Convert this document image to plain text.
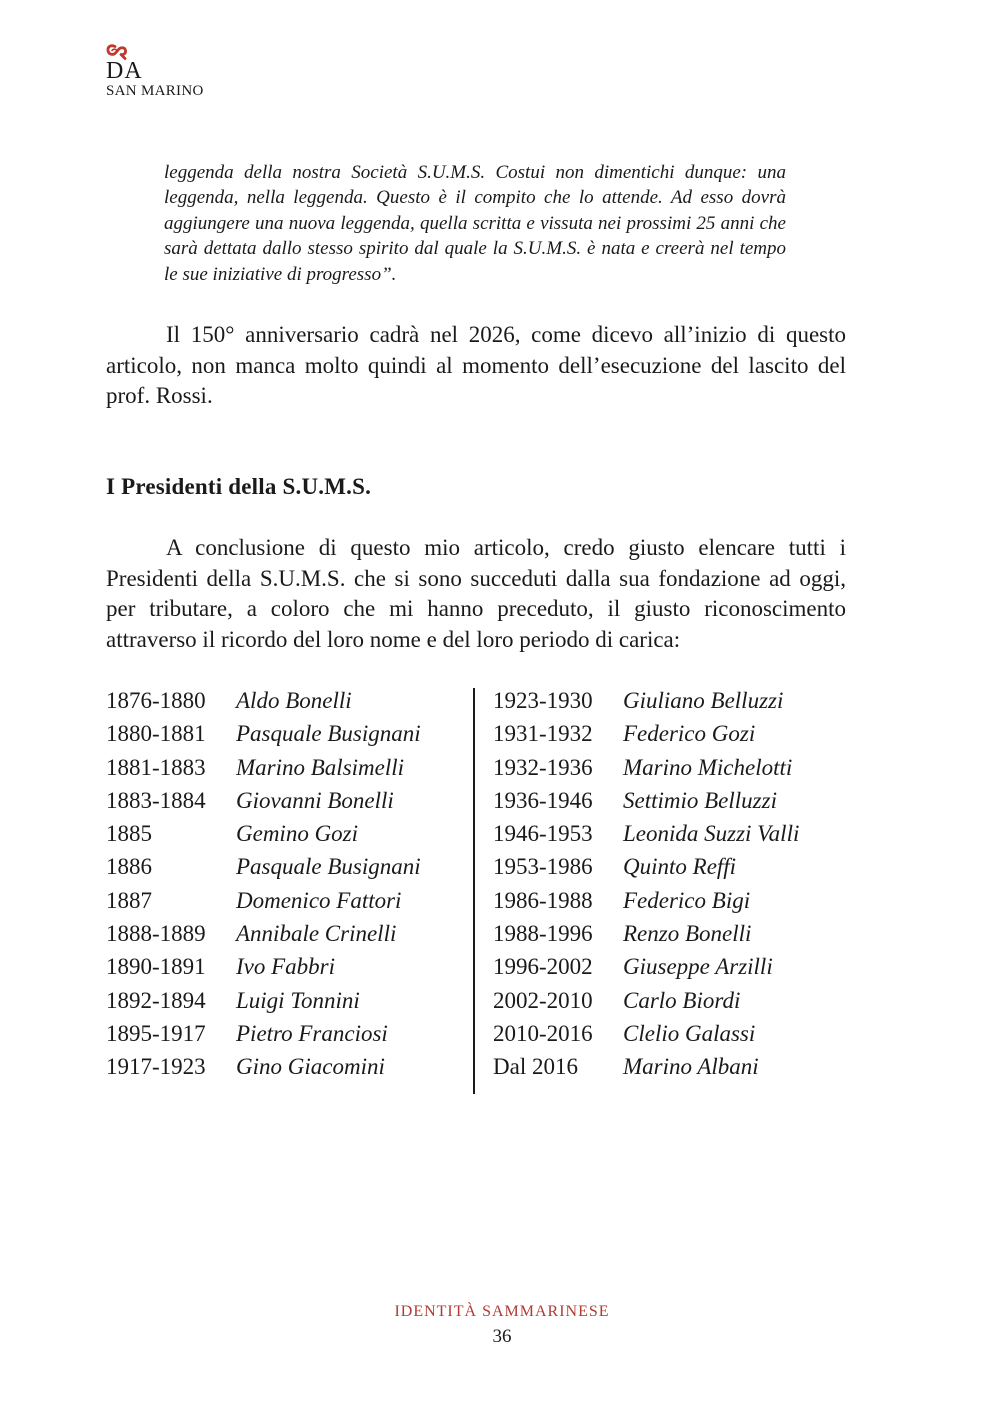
DA
SAN MARINO
leggenda della nostra Società S.U.M.S. Costui non dimentichi dunque: una leggenda, nella leggenda. Questo è il compito che lo attende. Ad esso dovrà aggiungere una nuova leggenda, quella scritta e vissuta nei prossimi 25 anni che sarà dettata dallo stesso spirito dal quale la S.U.M.S. è nata e creerà nel tempo le sue iniziative di progresso”.

Il 150° anniversario cadrà nel 2026, come dicevo all’inizio di questo articolo, non manca molto quindi al momento dell’esecuzione del lascito del prof. Rossi.

I Presidenti della S.U.M.S.

A conclusione di questo mio articolo, credo giusto elencare tutti i Presidenti della S.U.M.S. che si sono succeduti dalla sua fondazione ad oggi, per tributare, a coloro che mi hanno preceduto, il giusto riconoscimento attraverso il ricordo del loro nome e del loro periodo di carica:

1876-1880 Aldo Bonelli
1880-1881 Pasquale Busignani
1881-1883 Marino Balsimelli
1883-1884 Giovanni Bonelli
1885	Gemino Gozi
1886	Pasquale Busignani
1887	Domenico Fattori
1888-1889 Annibale Crinelli
1890-1891 Ivo Fabbri
1892-1894 Luigi Tonnini
1895-1917 Pietro Franciosi
1917-1923 Gino Giacomini
1923-1930 Giuliano Belluzzi
1931-1932 Federico Gozi
1932-1936 Marino Michelotti
1936-1946 Settimio Belluzzi
1946-1953 Leonida Suzzi Valli
1953-1986 Quinto Reffi
1986-1988 Federico Bigi
1988-1996 Renzo Bonelli
1996-2002 Giuseppe Arzilli
2002-2010 Carlo Biordi
2010-2016 Clelio Galassi
Dal 2016 Marino Albani
IDENTITÀ SAMMARINESE
36
